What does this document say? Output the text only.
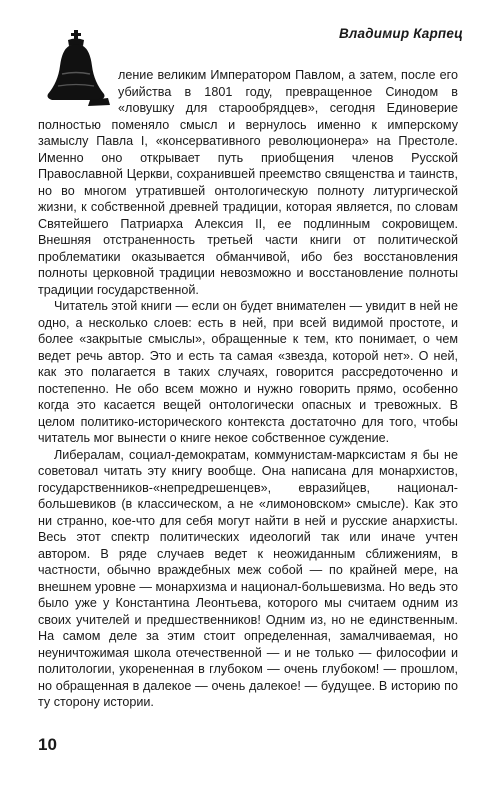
Владимир Карпец

ление великим Императором Павлом, а затем, после его убийства в 1801 году, превращенное Синодом в «ловушку для старообрядцев», сегодня Единоверие полностью поменяло смысл и вернулось именно к имперскому замыслу Павла I, «консервативного революционера» на Престоле. Именно оно открывает путь приобщения членов Русской Православной Церкви, сохранившей преемство священства и таинств, но во многом утратившей онтологическую полноту литургической жизни, к собственной древней традиции, которая является, по словам Святейшего Патриарха Алексия II, ее подлинным сокровищем. Внешняя отстраненность третьей части книги от политической проблематики оказывается обманчивой, ибо без восстановления полноты церковной традиции невозможно и восстановление полноты традиции государственной.

Читатель этой книги — если он будет внимателен — увидит в ней не одно, а несколько слоев: есть в ней, при всей видимой простоте, и более «закрытые смыслы», обращенные к тем, кто понимает, о чем ведет речь автор. Это и есть та самая «звезда, которой нет». О ней, как это полагается в таких случаях, говорится рассредоточенно и постепенно. Не обо всем можно и нужно говорить прямо, особенно когда это касается вещей онтологически опасных и тревожных. В целом политико-исторического контекста достаточно для того, чтобы читатель мог вынести о книге некое собственное суждение.

Либералам, социал-демократам, коммунистам-марксистам я бы не советовал читать эту книгу вообще. Она написана для монархистов, государственников-«непредрешенцев», евразийцев, национал-большевиков (в классическом, а не «лимоновском» смысле). Как это ни странно, кое-что для себя могут найти в ней и русские анархисты. Весь этот спектр политических идеологий так или иначе учтен автором. В ряде случаев ведет к неожиданным сближениям, в частности, обычно враждебных меж собой — по крайней мере, на внешнем уровне — монархизма и национал-большевизма. Но ведь это было уже у Константина Леонтьева, которого мы считаем одним из своих учителей и предшественников! Одним из, но не единственным. На самом деле за этим стоит определенная, замалчиваемая, но неуничтожимая школа отечественной — и не только — философии и политологии, укорененная в глубоком — очень глубоком! — прошлом, но обращенная в далекое — очень далекое! — будущее. В историю по ту сторону истории.

10
